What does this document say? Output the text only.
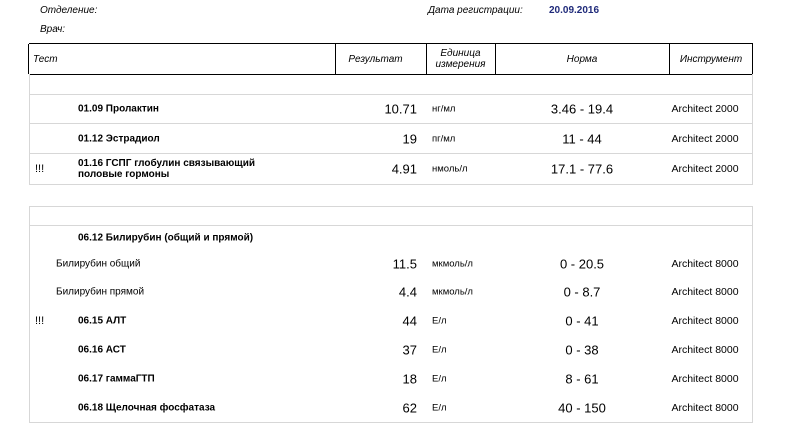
Отделение:
Врач:
Дата регистрации:	20.09.2016
Тест	Результат	Единица измерения	Норма	Инструмент
01.09 Пролактин	10.71 нг/мл	3.46 - 19.4	Architect 2000
01.12 Эстрадиол	19 пг/мл	11 - 44	Architect 2000
!!!	01.16 ГСПГ глобулин связывающий половые гормоны	4.91 нмоль/л	17.1 - 77.6	Architect 2000
06.12 Билирубин (общий и прямой)
Билирубин общий	11.5 мкмоль/л	0 - 20.5	Architect 8000
Билирубин прямой	4.4 мкмоль/л	0 - 8.7	Architect 8000
!!!	06.15 АЛТ	44 Е/л	0 - 41	Architect 8000
06.16 АСТ	37 Е/л	0 - 38	Architect 8000
06.17 гаммаГТП	18 Е/л	8 - 61	Architect 8000
06.18 Щелочная фосфатаза	62 Е/л	40 - 150	Architect 8000
